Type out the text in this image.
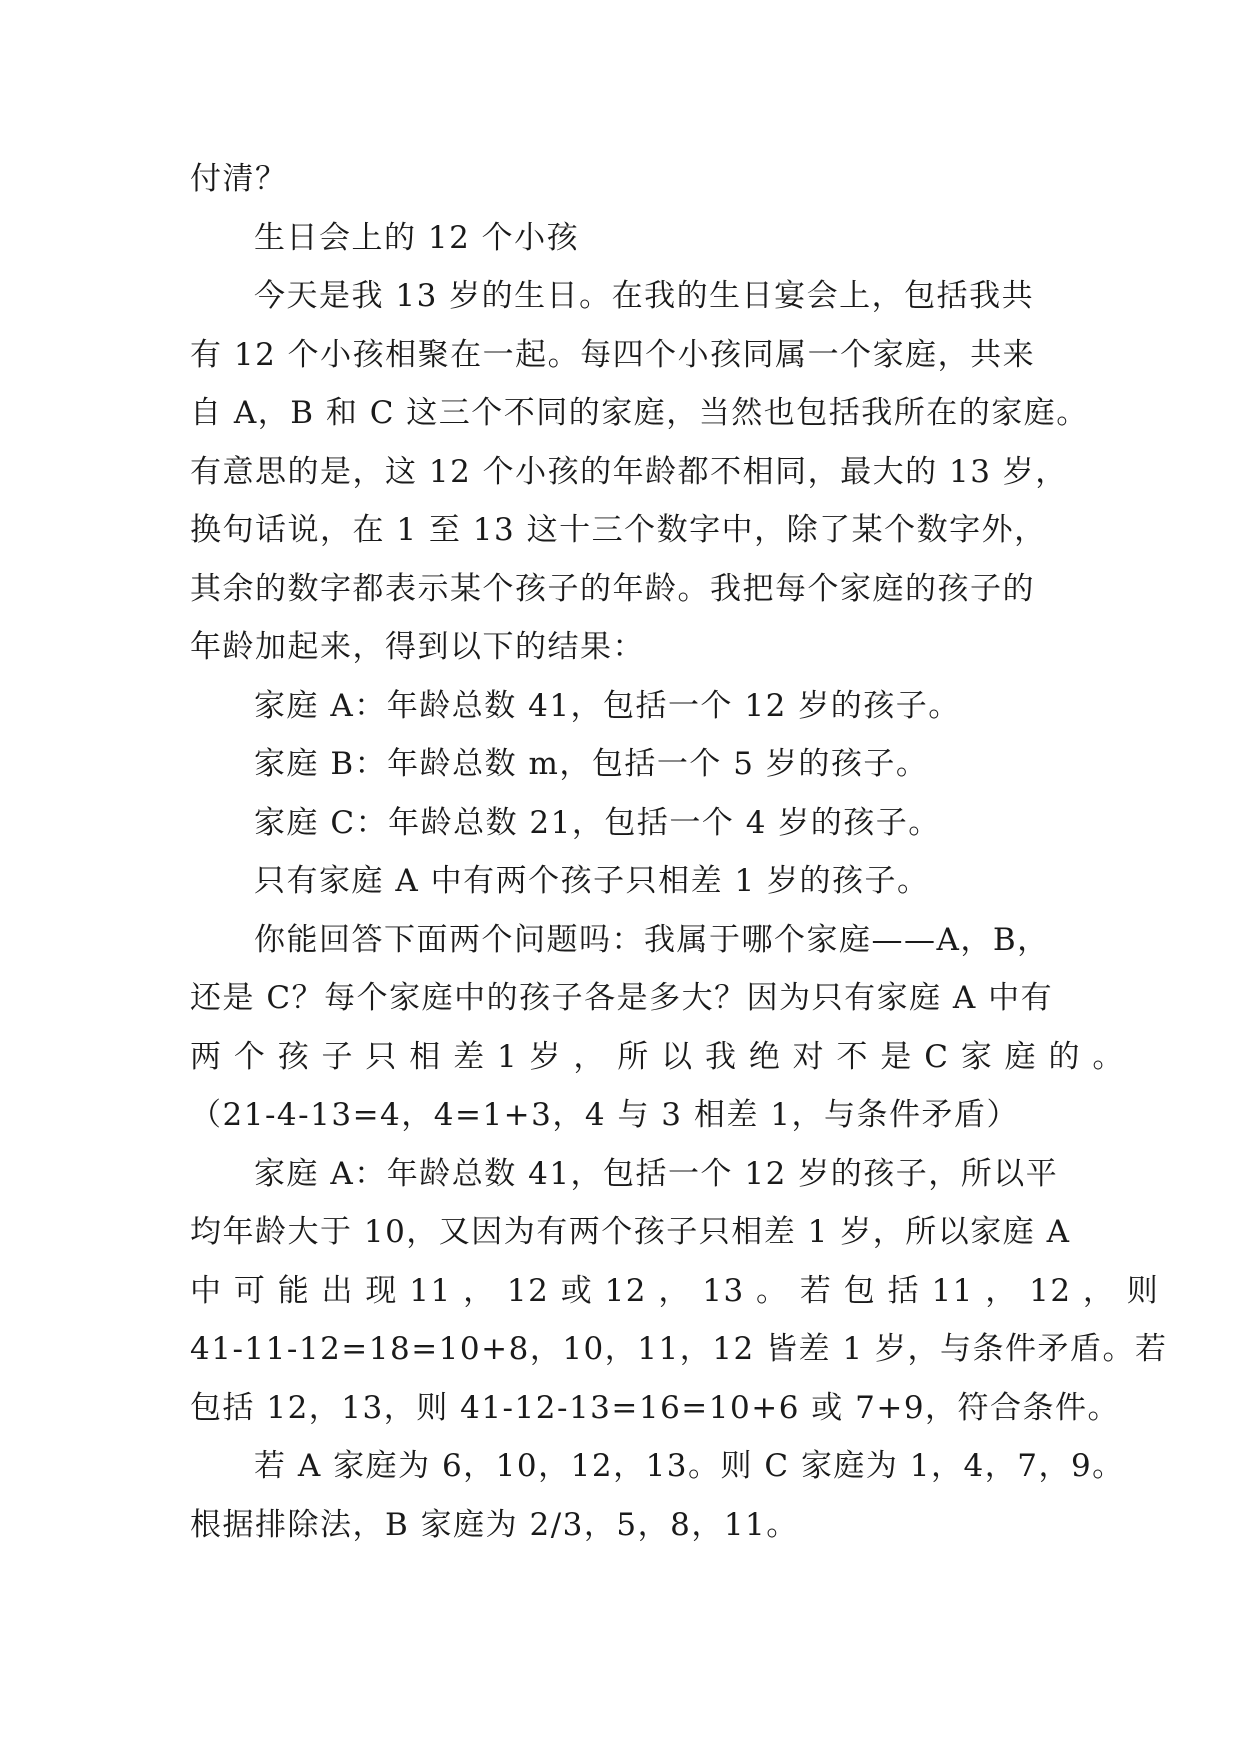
付清？
生日会上的 12 个小孩
今天是我 13 岁的生日。在我的生日宴会上，包括我共
有 12 个小孩相聚在一起。每四个小孩同属一个家庭，共来
自 A，B 和 C 这三个不同的家庭，当然也包括我所在的家庭。
有意思的是，这 12 个小孩的年龄都不相同，最大的 13 岁，
换句话说，在 1 至 13 这十三个数字中，除了某个数字外，
其余的数字都表示某个孩子的年龄。我把每个家庭的孩子的
年龄加起来，得到以下的结果：
家庭 A：年龄总数 41，包括一个 12 岁的孩子。
家庭 B：年龄总数 m，包括一个 5 岁的孩子。
家庭 C：年龄总数 21，包括一个 4 岁的孩子。
只有家庭 A 中有两个孩子只相差 1 岁的孩子。
你能回答下面两个问题吗：我属于哪个家庭——A，B，
还是 C？每个家庭中的孩子各是多大？因为只有家庭 A 中有
两 个 孩 子 只 相 差 1 岁 ， 所 以 我 绝 对 不 是 C 家 庭 的 。
（21-4-13=4，4=1+3，4 与 3 相差 1，与条件矛盾）
家庭 A：年龄总数 41，包括一个 12 岁的孩子，所以平
均年龄大于 10，又因为有两个孩子只相差 1 岁，所以家庭 A
中 可 能 出 现 11 ， 12 或 12 ， 13 。 若 包 括 11 ， 12 ， 则
41-11-12=18=10+8，10，11，12 皆差 1 岁，与条件矛盾。若
包括 12，13，则 41-12-13=16=10+6 或 7+9，符合条件。
若 A 家庭为 6，10，12，13。则 C 家庭为 1，4，7，9。
根据排除法，B 家庭为 2/3，5，8，11。
